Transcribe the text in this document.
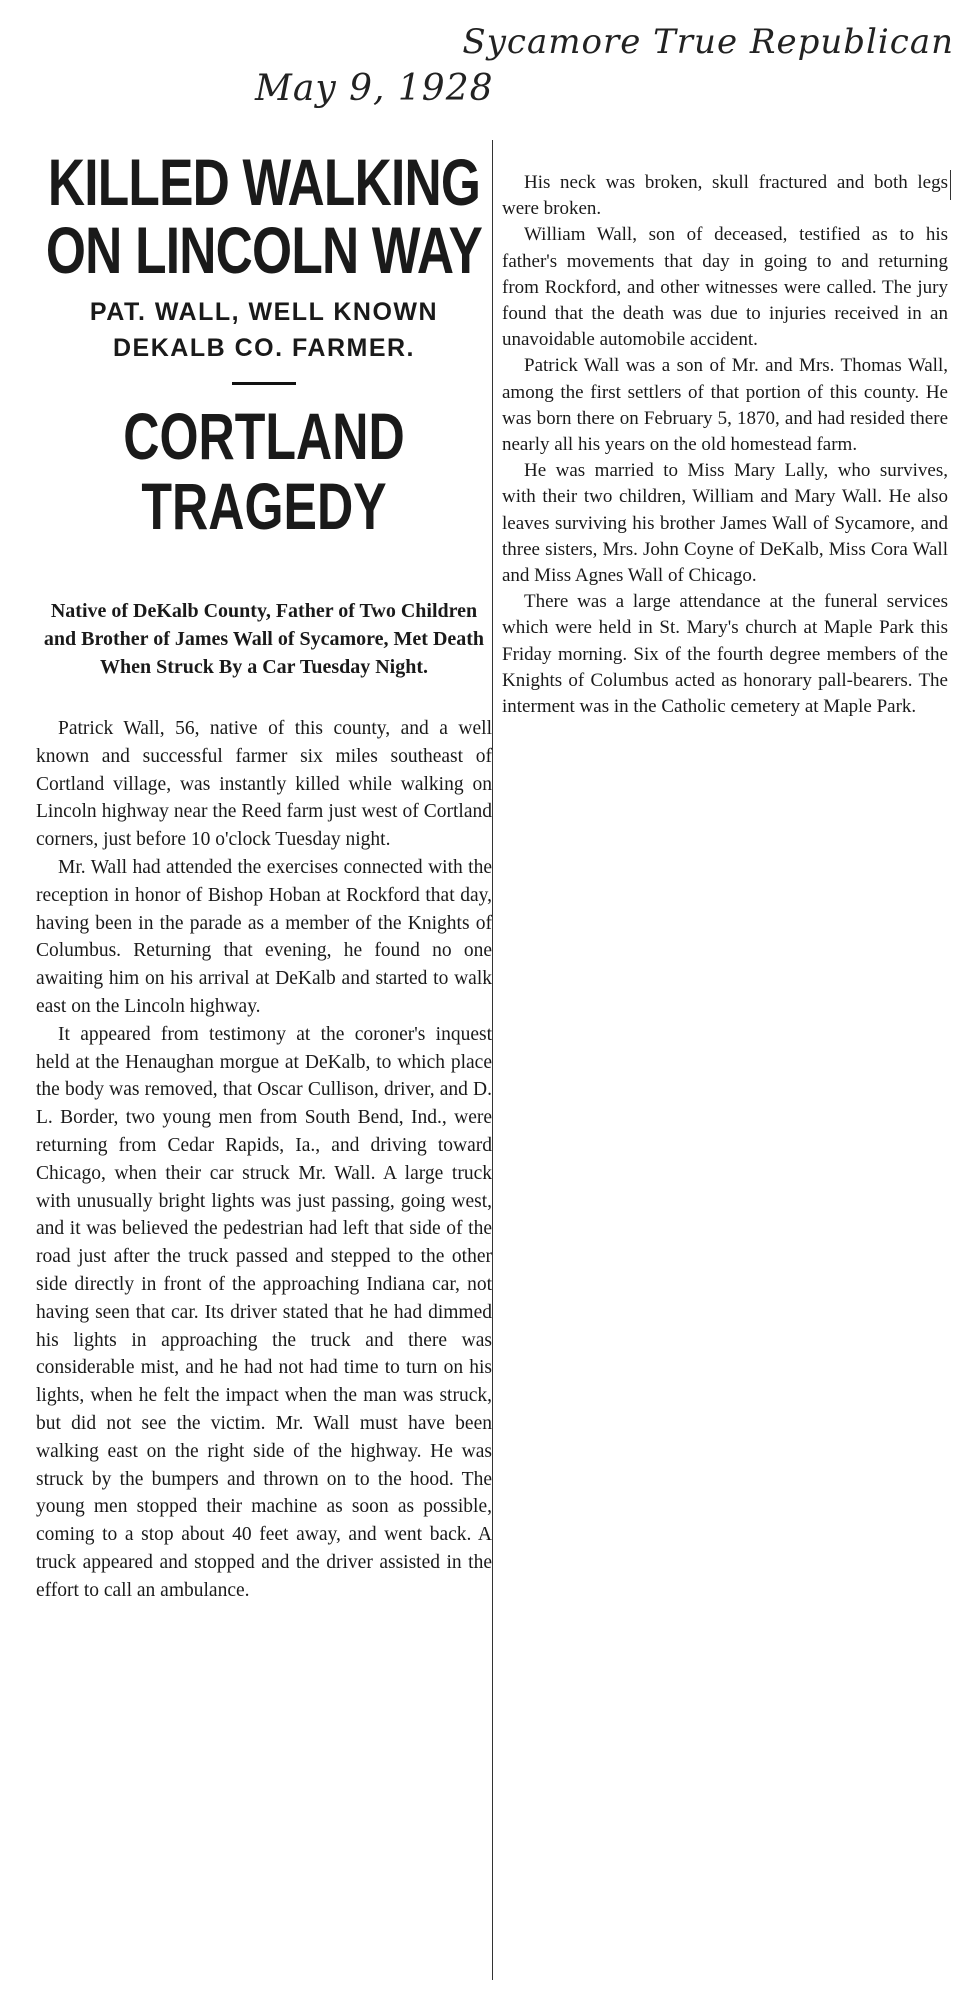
Sycamore True Republican
May 9, 1928
KILLED WALKING ON LINCOLN WAY
PAT. WALL, WELL KNOWN DEKALB CO. FARMER.
CORTLAND TRAGEDY
Native of DeKalb County, Father of Two Children and Brother of James Wall of Sycamore, Met Death When Struck By a Car Tuesday Night.

Patrick Wall, 56, native of this county, and a well known and successful farmer six miles southeast of Cortland village, was instantly killed while walking on Lincoln highway near the Reed farm just west of Cortland corners, just before 10 o'clock Tuesday night.

Mr. Wall had attended the exercises connected with the reception in honor of Bishop Hoban at Rockford that day, having been in the parade as a member of the Knights of Columbus. Returning that evening, he found no one awaiting him on his arrival at DeKalb and started to walk east on the Lincoln highway.

It appeared from testimony at the coroner's inquest held at the Henaughan morgue at DeKalb, to which place the body was removed, that Oscar Cullison, driver, and D. L. Border, two young men from South Bend, Ind., were returning from Cedar Rapids, Ia., and driving toward Chicago, when their car struck Mr. Wall. A large truck with unusually bright lights was just passing, going west, and it was believed the pedestrian had left that side of the road just after the truck passed and stepped to the other side directly in front of the approaching Indiana car, not having seen that car. Its driver stated that he had dimmed his lights in approaching the truck and there was considerable mist, and he had not had time to turn on his lights, when he felt the impact when the man was struck, but did not see the victim. Mr. Wall must have been walking east on the right side of the highway. He was struck by the bumpers and thrown on to the hood. The young men stopped their machine as soon as possible, coming to a stop about 40 feet away, and went back. A truck appeared and stopped and the driver assisted in the effort to call an ambulance.

His neck was broken, skull fractured and both legs were broken.

William Wall, son of deceased, testified as to his father's movements that day in going to and returning from Rockford, and other witnesses were called. The jury found that the death was due to injuries received in an unavoidable automobile accident.

Patrick Wall was a son of Mr. and Mrs. Thomas Wall, among the first settlers of that portion of this county. He was born there on February 5, 1870, and had resided there nearly all his years on the old homestead farm.

He was married to Miss Mary Lally, who survives, with their two children, William and Mary Wall. He also leaves surviving his brother James Wall of Sycamore, and three sisters, Mrs. John Coyne of DeKalb, Miss Cora Wall and Miss Agnes Wall of Chicago.

There was a large attendance at the funeral services which were held in St. Mary's church at Maple Park this Friday morning. Six of the fourth degree members of the Knights of Columbus acted as honorary pall-bearers. The interment was in the Catholic cemetery at Maple Park.
